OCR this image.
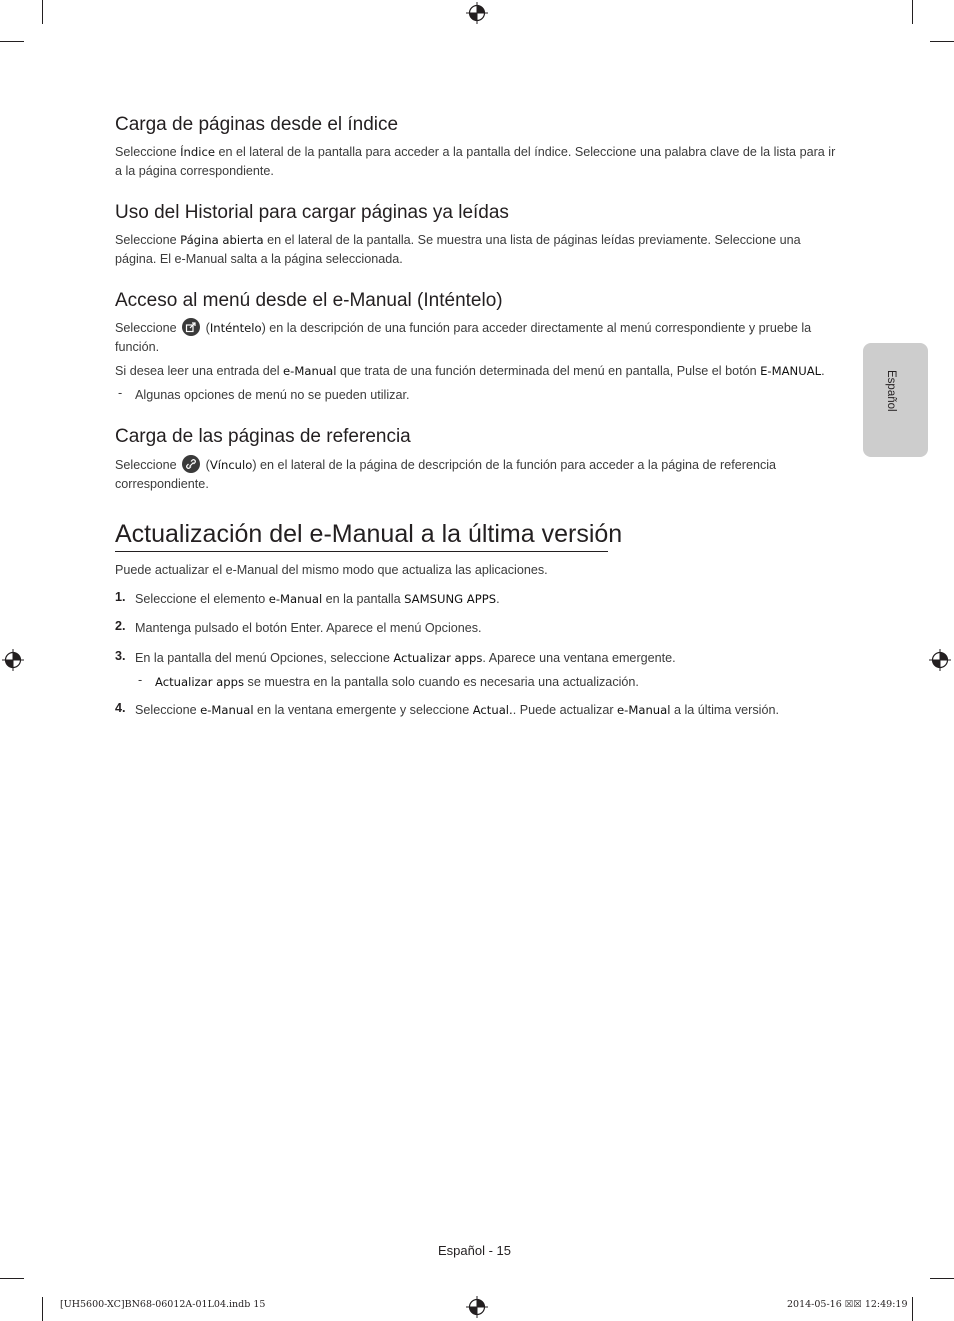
Carga de páginas desde el índice
Seleccione Índice en el lateral de la pantalla para acceder a la pantalla del índice. Seleccione una palabra clave de la lista para ir a la página correspondiente.
Uso del Historial para cargar páginas ya leídas
Seleccione Página abierta en el lateral de la pantalla. Se muestra una lista de páginas leídas previamente. Seleccione una página. El e-Manual salta a la página seleccionada.
Acceso al menú desde el e-Manual (Inténtelo)
Seleccione
(Inténtelo) en la descripción de una función para acceder directamente al menú correspondiente y pruebe la función.
Si desea leer una entrada del e-Manual que trata de una función determinada del menú en pantalla, Pulse el botón E-MANUAL.
- Algunas opciones de menú no se pueden utilizar.
Carga de las páginas de referencia
Seleccione
(Vínculo) en el lateral de la página de descripción de la función para acceder a la página de referencia correspondiente.
Actualización del e-Manual a la última versión
Puede actualizar el e-Manual del mismo modo que actualiza las aplicaciones.
1. Seleccione el elemento e-Manual en la pantalla SAMSUNG APPS.
2. Mantenga pulsado el botón Enter. Aparece el menú Opciones.
3. En la pantalla del menú Opciones, seleccione Actualizar apps. Aparece una ventana emergente.
- Actualizar apps se muestra en la pantalla solo cuando es necesaria una actualización.
4. Seleccione e-Manual en la ventana emergente y seleccione Actual.. Puede actualizar e-Manual a la última versión.
Español
Español - 15
[UH5600-XC]BN68-06012A-01L04.indb 15	2014-05-16 ☒☒ 12:49:19
